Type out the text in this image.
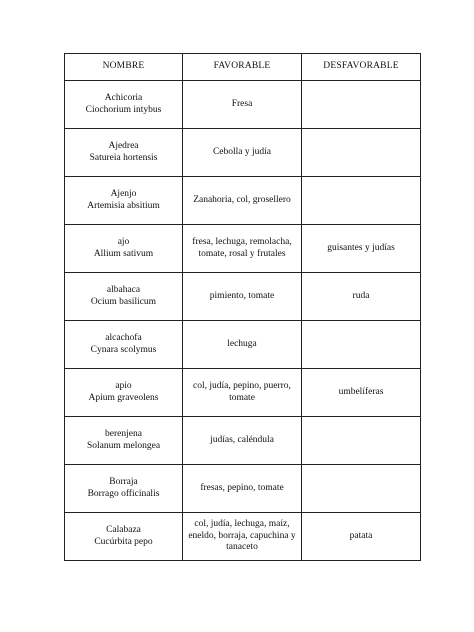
NOMBRE	FAVORABLE	DESFAVORABLE

Achicoria
Ciochorium intybus	Fresa	

Ajedrea
Satureia hortensis	Cebolla y judía	

Ajenjo
Artemisia absitium	Zanahoria, col, grosellero	

ajo
Allium sativum	fresa, lechuga, remolacha, tomate, rosal y frutales	guisantes y judías

albahaca
Ocium basilicum	pimiento, tomate	ruda

alcachofa
Cynara scolymus	lechuga	

apio
Apium graveolens	col, judía, pepino, puerro, tomate	umbelíferas

berenjena
Solanum melongea	judías, caléndula	

Borraja
Borrago officinalis	fresas, pepino, tomate	

Calabaza
Cucúrbita pepo	col, judía, lechuga, maíz, eneldo, borraja, capuchina y tanaceto	patata
